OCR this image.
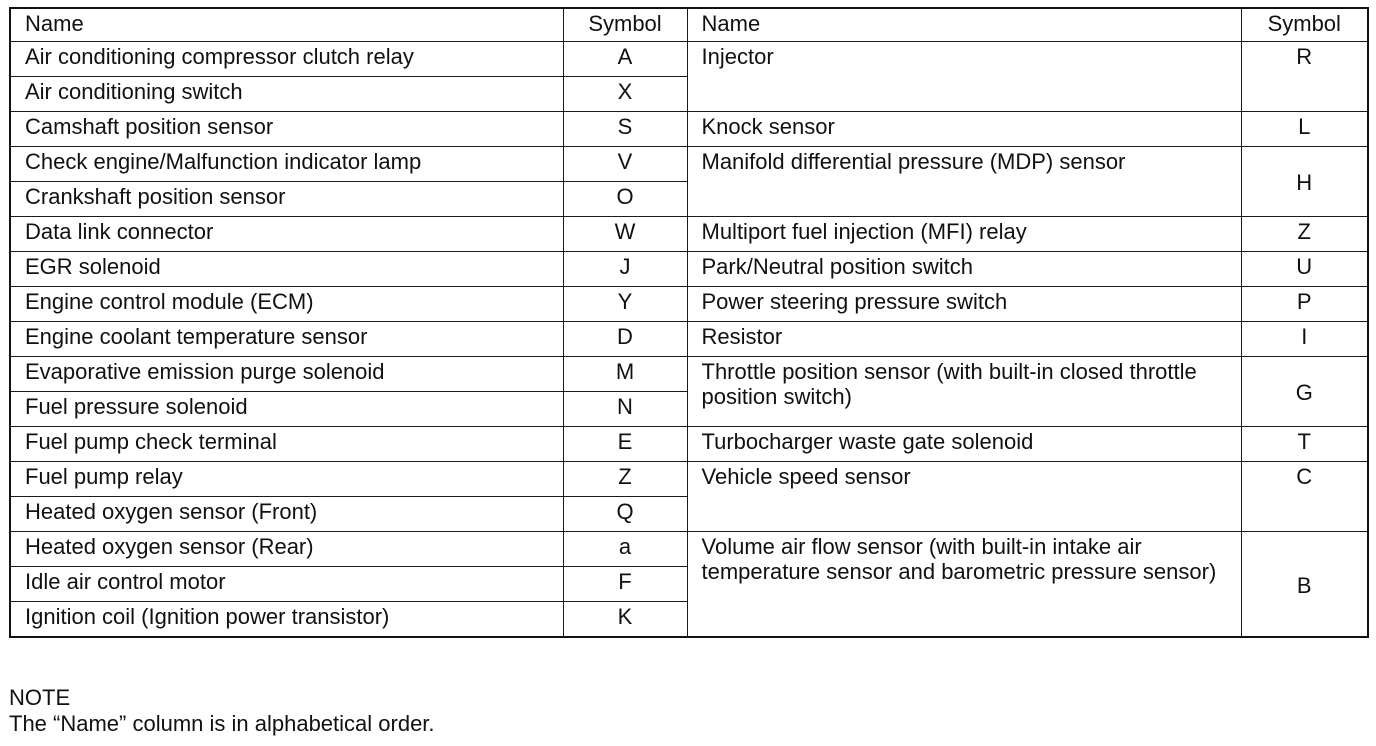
Name	Symbol	Name	Symbol
Air conditioning compressor clutch relay	A	Injector	R
Air conditioning switch	X		
Camshaft position sensor	S	Knock sensor	L
Check engine/Malfunction indicator lamp	V	Manifold differential pressure (MDP) sensor	H
Crankshaft position sensor	O		
Data link connector	W	Multiport fuel injection (MFI) relay	Z
EGR solenoid	J	Park/Neutral position switch	U
Engine control module (ECM)	Y	Power steering pressure switch	P
Engine coolant temperature sensor	D	Resistor	I
Evaporative emission purge solenoid	M	Throttle position sensor (with built-in closed throttle position switch)	G
Fuel pressure solenoid	N		
Fuel pump check terminal	E	Turbocharger waste gate solenoid	T
Fuel pump relay	Z	Vehicle speed sensor	C
Heated oxygen sensor (Front)	Q		
Heated oxygen sensor (Rear)	a	Volume air flow sensor (with built-in intake air temperature sensor and barometric pressure sensor)	B
Idle air control motor	F		
Ignition coil (Ignition power transistor)	K		
NOTE
The “Name” column is in alphabetical order.
